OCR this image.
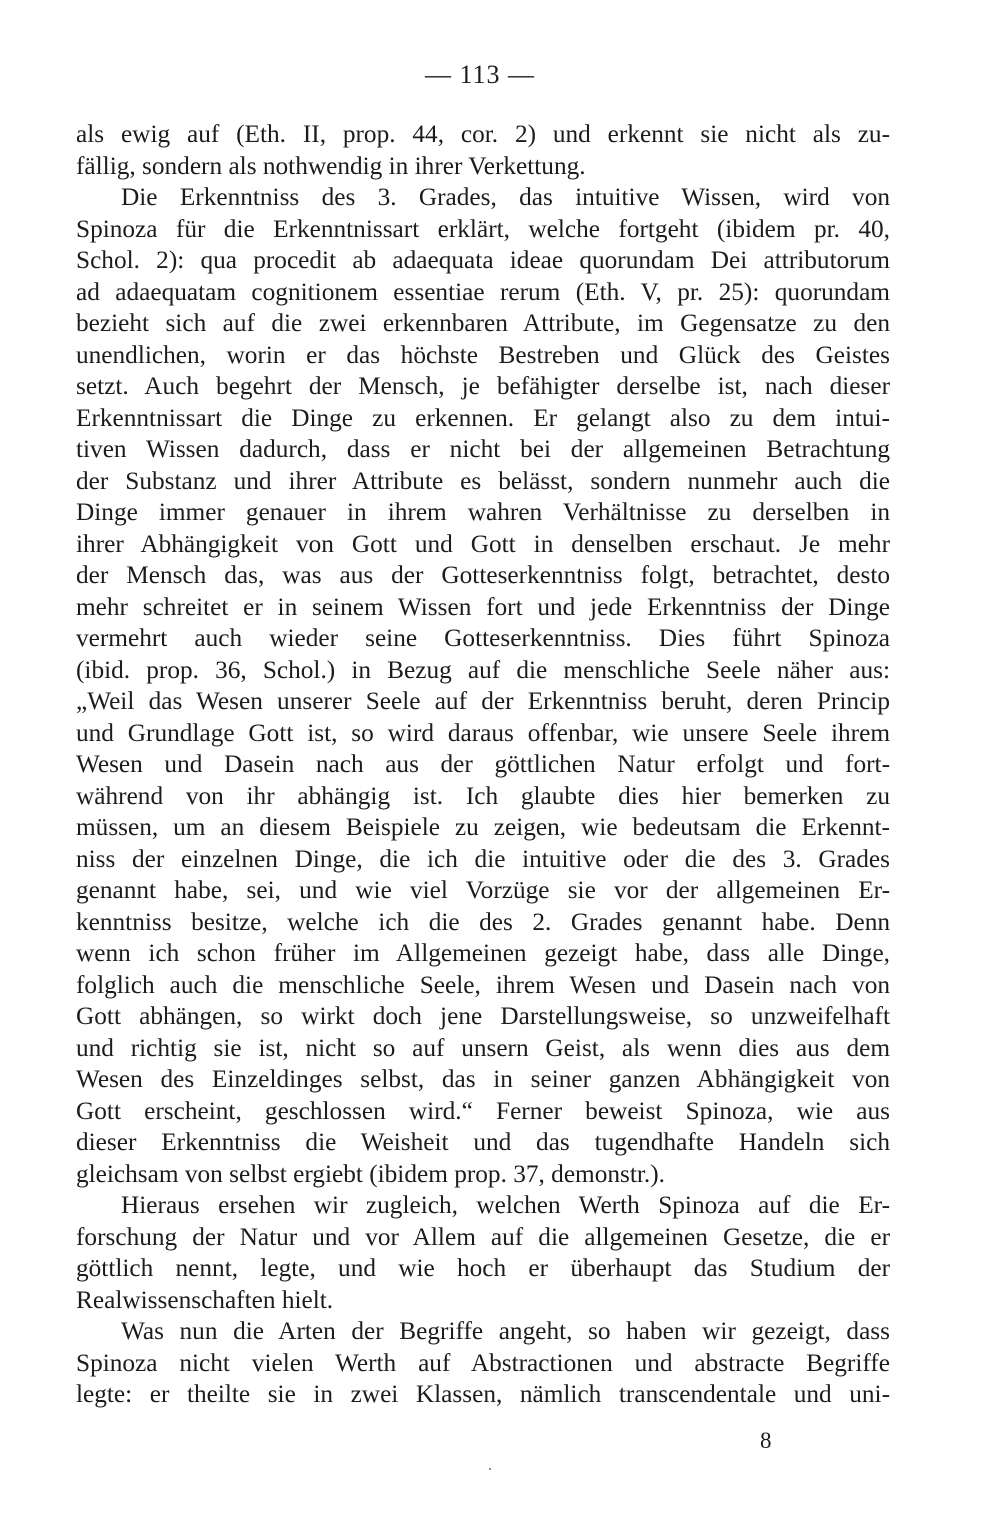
— 113 —
als ewig auf (Eth. II, prop. 44, cor. 2) und erkennt sie nicht als zu-
fällig, sondern als nothwendig in ihrer Verkettung.
Die Erkenntniss des 3. Grades, das intuitive Wissen, wird von
Spinoza für die Erkenntnissart erklärt, welche fortgeht (ibidem pr. 40,
Schol. 2): qua procedit ab adaequata ideae quorundam Dei attributorum
ad adaequatam cognitionem essentiae rerum (Eth. V, pr. 25): quorundam
bezieht sich auf die zwei erkennbaren Attribute, im Gegensatze zu den
unendlichen, worin er das höchste Bestreben und Glück des Geistes
setzt. Auch begehrt der Mensch, je befähigter derselbe ist, nach dieser
Erkenntnissart die Dinge zu erkennen. Er gelangt also zu dem intui-
tiven Wissen dadurch, dass er nicht bei der allgemeinen Betrachtung
der Substanz und ihrer Attribute es belässt, sondern nunmehr auch die
Dinge immer genauer in ihrem wahren Verhältnisse zu derselben in
ihrer Abhängigkeit von Gott und Gott in denselben erschaut. Je mehr
der Mensch das, was aus der Gotteserkenntniss folgt, betrachtet, desto
mehr schreitet er in seinem Wissen fort und jede Erkenntniss der Dinge
vermehrt auch wieder seine Gotteserkenntniss. Dies führt Spinoza
(ibid. prop. 36, Schol.) in Bezug auf die menschliche Seele näher aus:
„Weil das Wesen unserer Seele auf der Erkenntniss beruht, deren Princip
und Grundlage Gott ist, so wird daraus offenbar, wie unsere Seele ihrem
Wesen und Dasein nach aus der göttlichen Natur erfolgt und fort-
während von ihr abhängig ist. Ich glaubte dies hier bemerken zu
müssen, um an diesem Beispiele zu zeigen, wie bedeutsam die Erkennt-
niss der einzelnen Dinge, die ich die intuitive oder die des 3. Grades
genannt habe, sei, und wie viel Vorzüge sie vor der allgemeinen Er-
kenntniss besitze, welche ich die des 2. Grades genannt habe. Denn
wenn ich schon früher im Allgemeinen gezeigt habe, dass alle Dinge,
folglich auch die menschliche Seele, ihrem Wesen und Dasein nach von
Gott abhängen, so wirkt doch jene Darstellungsweise, so unzweifelhaft
und richtig sie ist, nicht so auf unsern Geist, als wenn dies aus dem
Wesen des Einzeldinges selbst, das in seiner ganzen Abhängigkeit von
Gott erscheint, geschlossen wird.“ Ferner beweist Spinoza, wie aus
dieser Erkenntniss die Weisheit und das tugendhafte Handeln sich
gleichsam von selbst ergiebt (ibidem prop. 37, demonstr.).
Hieraus ersehen wir zugleich, welchen Werth Spinoza auf die Er-
forschung der Natur und vor Allem auf die allgemeinen Gesetze, die er
göttlich nennt, legte, und wie hoch er überhaupt das Studium der
Realwissenschaften hielt.
Was nun die Arten der Begriffe angeht, so haben wir gezeigt, dass
Spinoza nicht vielen Werth auf Abstractionen und abstracte Begriffe
legte: er theilte sie in zwei Klassen, nämlich transcendentale und uni-
8
